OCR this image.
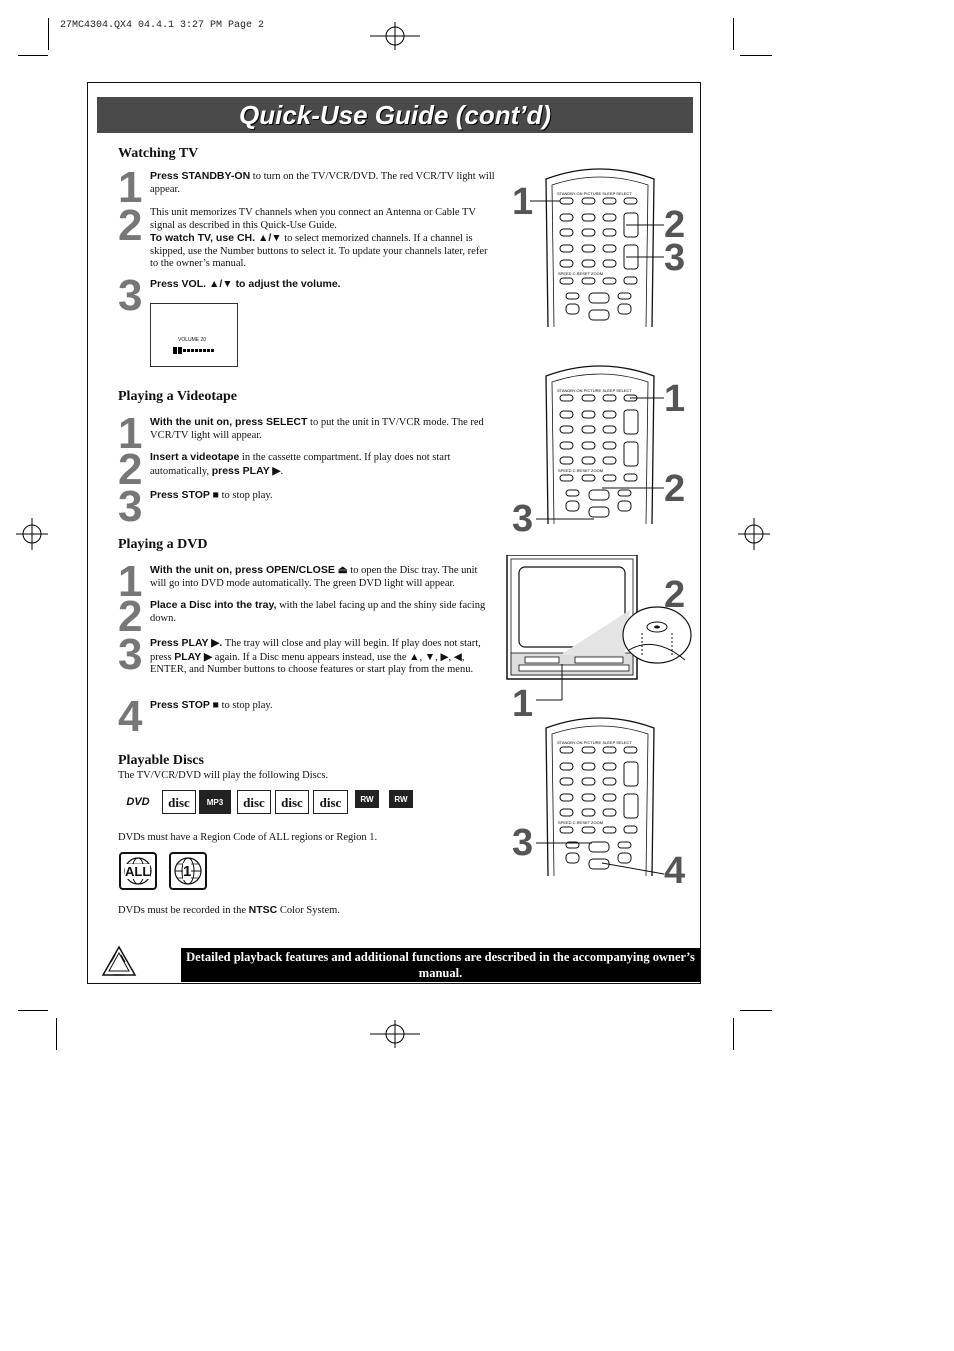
27MC4304.QX4 04.4.1 3:27 PM Page 2
Quick-Use Guide (cont’d)
Watching TV
1 Press STANDBY-ON to turn on the TV/VCR/DVD. The red VCR/TV light will appear.
2 This unit memorizes TV channels when you connect an Antenna or Cable TV signal as described in this Quick-Use Guide.
To watch TV, use CH. ▲/▼ to select memorized channels. If a channel is skipped, use the Number buttons to select it. To update your channels later, refer to the owner’s manual.
3 Press VOL. ▲/▼ to adjust the volume.
VOLUME 20
Playing a Videotape
1 With the unit on, press SELECT to put the unit in TV/VCR mode. The red VCR/TV light will appear.
2 Insert a videotape in the cassette compartment. If play does not start automatically, press PLAY ▶.
3 Press STOP ■ to stop play.
Playing a DVD
1 With the unit on, press OPEN/CLOSE ⏏ to open the Disc tray. The unit will go into DVD mode automatically. The green DVD light will appear.
2 Place a Disc into the tray, with the label facing up and the shiny side facing down.
3 Press PLAY ▶. The tray will close and play will begin. If play does not start, press PLAY ▶ again. If a Disc menu appears instead, use the ▲, ▼, ▶, ◀, ENTER, and Number buttons to choose features or start play from the menu.
4 Press STOP ■ to stop play.
Playable Discs
The TV/VCR/DVD will play the following Discs.
DVD	disc	MP3	disc	disc	disc	RW	RW
DVDs must have a Region Code of ALL regions or Region 1.
ALL 1
DVDs must be recorded in the NTSC Color System.
Detailed playback features and additional functions are described in the accompanying owner’s manual.
STANDBY-ON PICTURE SLEEP SELECT
SPEED C.RESET ZOOM
1
2
3
STANDBY-ON PICTURE SLEEP SELECT
SPEED C.RESET ZOOM
1
2
3
2
1
STANDBY-ON PICTURE SLEEP SELECT
SPEED C.RESET ZOOM
3
4
